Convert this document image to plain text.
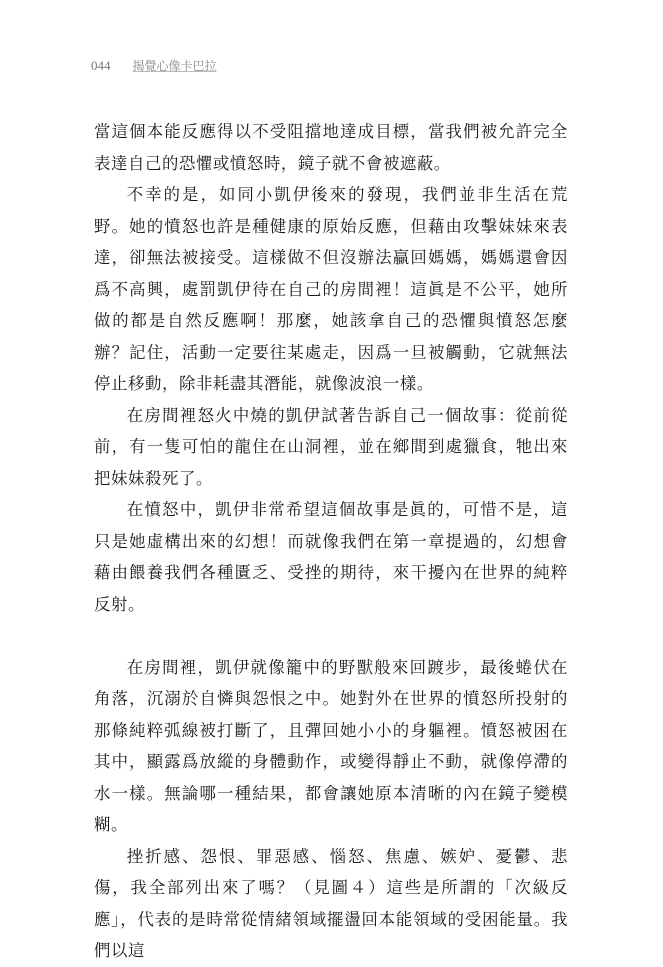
044 揭覺心像卡巴拉

當這個本能反應得以不受阻擋地達成目標，當我們被允許完全表達自己的恐懼或憤怒時，鏡子就不會被遮蔽。

不幸的是，如同小凱伊後來的發現，我們並非生活在荒野。她的憤怒也許是種健康的原始反應，但藉由攻擊妹妹來表達，卻無法被接受。這樣做不但沒辦法贏回媽媽，媽媽還會因爲不高興，處罰凱伊待在自己的房間裡！這眞是不公平，她所做的都是自然反應啊！那麼，她該拿自己的恐懼與憤怒怎麼辦？記住，活動一定要往某處走，因爲一旦被觸動，它就無法停止移動，除非耗盡其潛能，就像波浪一樣。

在房間裡怒火中燒的凱伊試著告訴自己一個故事：從前從前，有一隻可怕的龍住在山洞裡，並在鄉間到處獵食，牠出來把妹妹殺死了。

在憤怒中，凱伊非常希望這個故事是眞的，可惜不是，這只是她虛構出來的幻想！而就像我們在第一章提過的，幻想會藉由餵養我們各種匱乏、受挫的期待，來干擾內在世界的純粹反射。

在房間裡，凱伊就像籠中的野獸般來回踱步，最後蜷伏在角落，沉溺於自憐與怨恨之中。她對外在世界的憤怒所投射的那條純粹弧線被打斷了，且彈回她小小的身軀裡。憤怒被困在其中，顯露爲放縱的身體動作，或變得靜止不動，就像停滯的水一樣。無論哪一種結果，都會讓她原本清晰的內在鏡子變模糊。

挫折感、怨恨、罪惡感、惱怒、焦慮、嫉妒、憂鬱、悲傷，我全部列出來了嗎？（見圖４）這些是所謂的「次級反應」，代表的是時常從情緒領域擺盪回本能領域的受困能量。我們以這
